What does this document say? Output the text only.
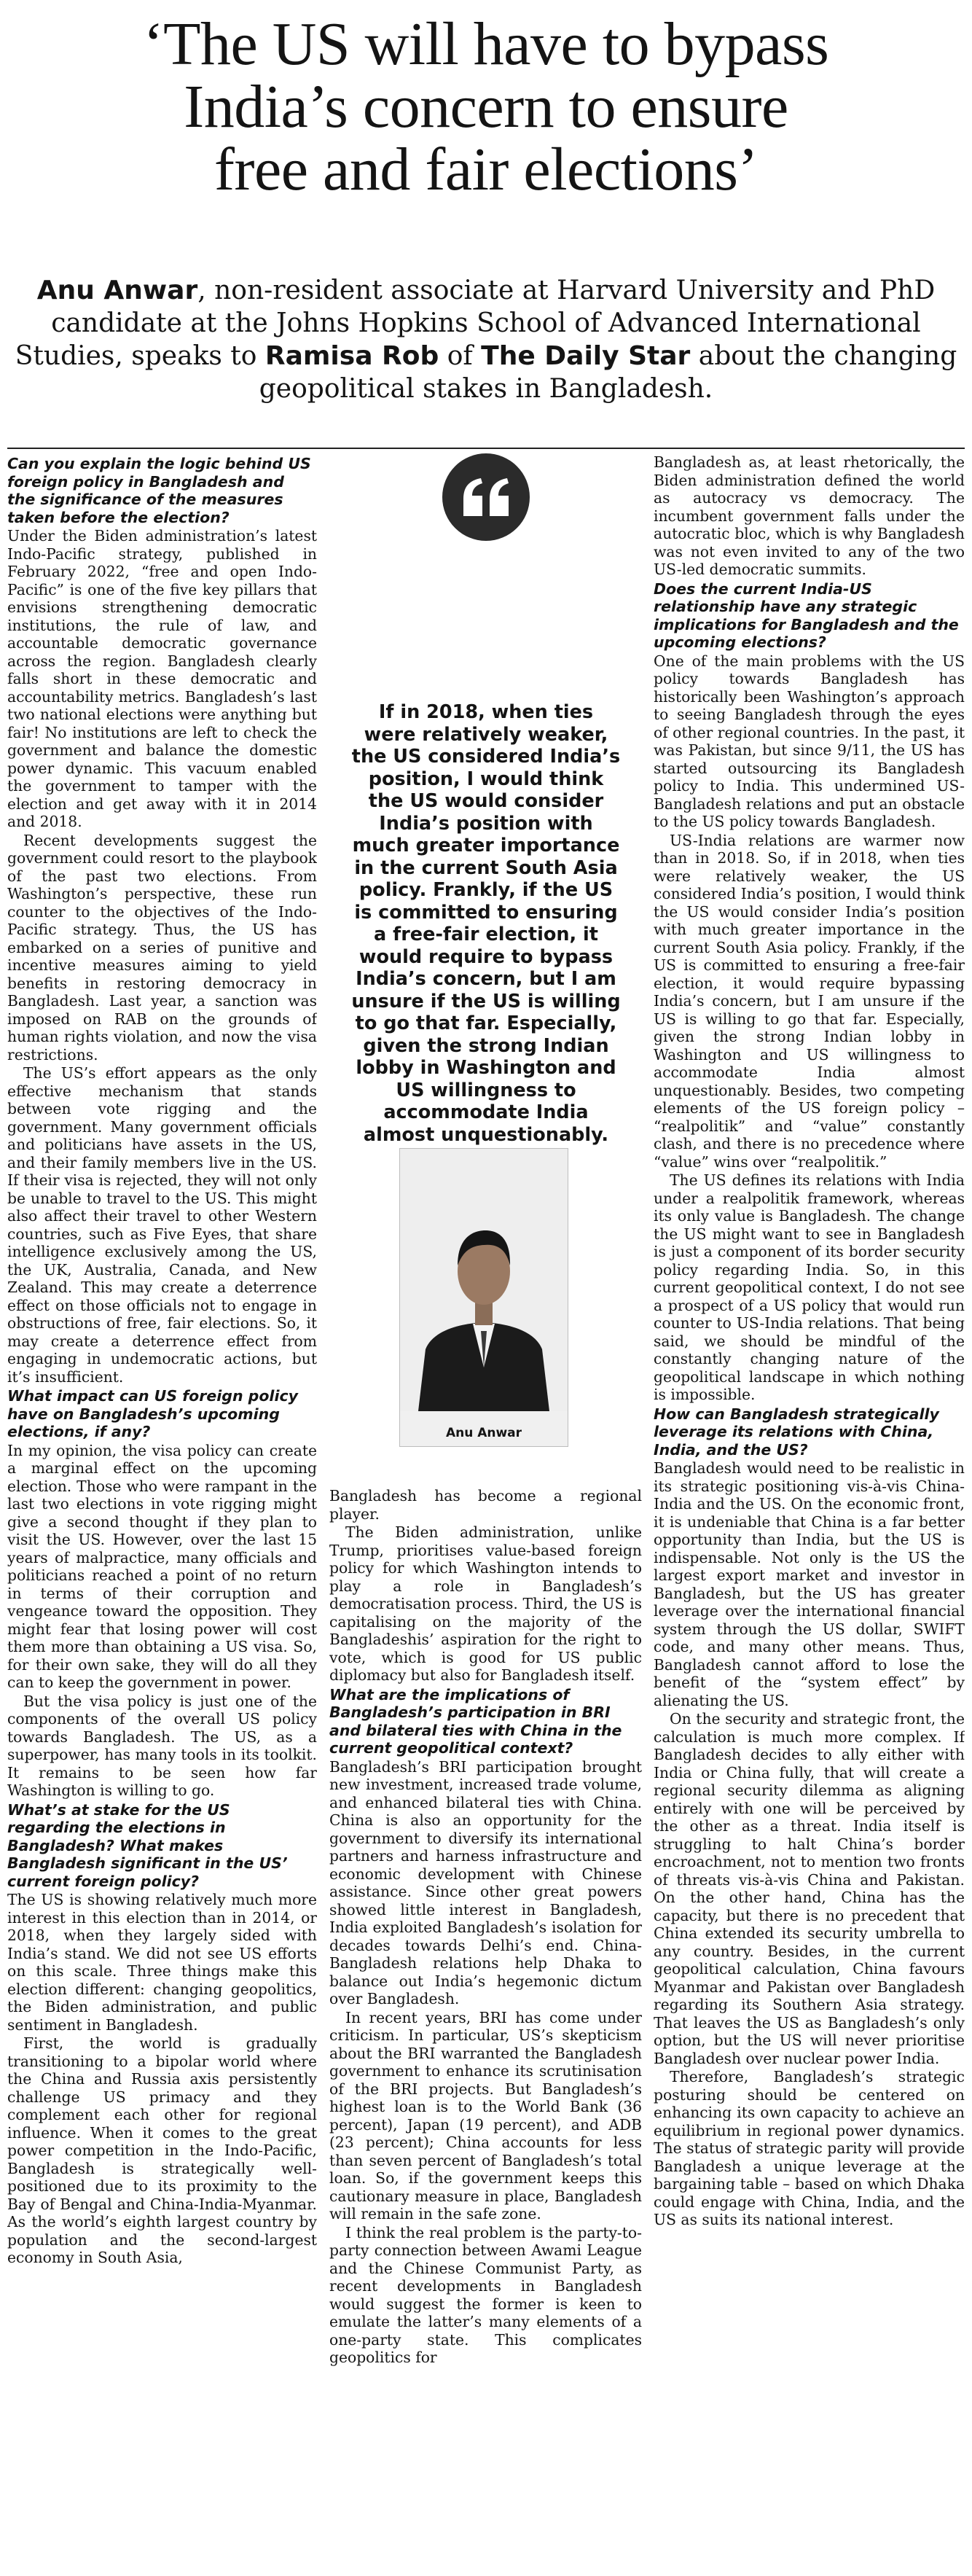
‘The US will have to bypass
India’s concern to ensure
free and fair elections’
Anu Anwar, non-resident associate at Harvard University and PhD candidate at the Johns Hopkins School of Advanced International Studies, speaks to Ramisa Rob of The Daily Star about the changing geopolitical stakes in Bangladesh.
Can you explain the logic behind US foreign policy in Bangladesh and the significance of the measures taken before the election?

Under the Biden administration’s latest Indo-Pacific strategy, published in February 2022, “free and open Indo-Pacific” is one of the five key pillars that envisions strengthening democratic institutions, the rule of law, and accountable democratic governance across the region. Bangladesh clearly falls short in these democratic and accountability metrics. Bangladesh’s last two national elections were anything but fair! No institutions are left to check the government and balance the domestic power dynamic. This vacuum enabled the government to tamper with the election and get away with it in 2014 and 2018.

Recent developments suggest the government could resort to the playbook of the past two elections. From Washington’s perspective, these run counter to the objectives of the Indo-Pacific strategy. Thus, the US has embarked on a series of punitive and incentive measures aiming to yield benefits in restoring democracy in Bangladesh. Last year, a sanction was imposed on RAB on the grounds of human rights violation, and now the visa restrictions.

The US’s effort appears as the only effective mechanism that stands between vote rigging and the government. Many government officials and politicians have assets in the US, and their family members live in the US. If their visa is rejected, they will not only be unable to travel to the US. This might also affect their travel to other Western countries, such as Five Eyes, that share intelligence exclusively among the US, the UK, Australia, Canada, and New Zealand. This may create a deterrence effect on those officials not to engage in obstructions of free, fair elections. So, it may create a deterrence effect from engaging in undemocratic actions, but it’s insufficient.

What impact can US foreign policy have on Bangladesh’s upcoming elections, if any?

In my opinion, the visa policy can create a marginal effect on the upcoming election. Those who were rampant in the last two elections in vote rigging might give a second thought if they plan to visit the US. However, over the last 15 years of malpractice, many officials and politicians reached a point of no return in terms of their corruption and vengeance toward the opposition. They might fear that losing power will cost them more than obtaining a US visa. So, for their own sake, they will do all they can to keep the government in power.

But the visa policy is just one of the components of the overall US policy towards Bangladesh. The US, as a superpower, has many tools in its toolkit. It remains to be seen how far Washington is willing to go.

What’s at stake for the US regarding the elections in Bangladesh? What makes Bangladesh significant in the US’ current foreign policy?

The US is showing relatively much more interest in this election than in 2014, or 2018, when they largely sided with India’s stand. We did not see US efforts on this scale. Three things make this election different: changing geopolitics, the Biden administration, and public sentiment in Bangladesh.

First, the world is gradually transitioning to a bipolar world where the China and Russia axis persistently challenge US primacy and they complement each other for regional influence. When it comes to the great power competition in the Indo-Pacific, Bangladesh is strategically well-positioned due to its proximity to the Bay of Bengal and China-India-Myanmar. As the world’s eighth largest country by population and the second-largest economy in South Asia,

If in 2018, when ties were relatively weaker, the US considered India’s position, I would think the US would consider India’s position with much greater importance in the current South Asia policy. Frankly, if the US is committed to ensuring a free-fair election, it would require to bypass India’s concern, but I am unsure if the US is willing to go that far. Especially, given the strong Indian lobby in Washington and US willingness to accommodate India almost unquestionably.
Anu Anwar

Bangladesh has become a regional player.

The Biden administration, unlike Trump, prioritises value-based foreign policy for which Washington intends to play a role in Bangladesh’s democratisation process. Third, the US is capitalising on the majority of the Bangladeshis’ aspiration for the right to vote, which is good for US public diplomacy but also for Bangladesh itself.

What are the implications of Bangladesh’s participation in BRI and bilateral ties with China in the current geopolitical context?

Bangladesh’s BRI participation brought new investment, increased trade volume, and enhanced bilateral ties with China. China is also an opportunity for the government to diversify its international partners and harness infrastructure and economic development with Chinese assistance. Since other great powers showed little interest in Bangladesh, India exploited Bangladesh’s isolation for decades towards Delhi’s end. China-Bangladesh relations help Dhaka to balance out India’s hegemonic dictum over Bangladesh.

In recent years, BRI has come under criticism. In particular, US’s skepticism about the BRI warranted the Bangladesh government to enhance its scrutinisation of the BRI projects. But Bangladesh’s highest loan is to the World Bank (36 percent), Japan (19 percent), and ADB (23 percent); China accounts for less than seven percent of Bangladesh’s total loan. So, if the government keeps this cautionary measure in place, Bangladesh will remain in the safe zone.

I think the real problem is the party-to-party connection between Awami League and the Chinese Communist Party, as recent developments in Bangladesh would suggest the former is keen to emulate the latter’s many elements of a one-party state. This complicates geopolitics for

Bangladesh as, at least rhetorically, the Biden administration defined the world as autocracy vs democracy. The incumbent government falls under the autocratic bloc, which is why Bangladesh was not even invited to any of the two US-led democratic summits.

Does the current India-US relationship have any strategic implications for Bangladesh and the upcoming elections?

One of the main problems with the US policy towards Bangladesh has historically been Washington’s approach to seeing Bangladesh through the eyes of other regional countries. In the past, it was Pakistan, but since 9/11, the US has started outsourcing its Bangladesh policy to India. This undermined US-Bangladesh relations and put an obstacle to the US policy towards Bangladesh.

US-India relations are warmer now than in 2018. So, if in 2018, when ties were relatively weaker, the US considered India’s position, I would think the US would consider India’s position with much greater importance in the current South Asia policy. Frankly, if the US is committed to ensuring a free-fair election, it would require bypassing India’s concern, but I am unsure if the US is willing to go that far. Especially, given the strong Indian lobby in Washington and US willingness to accommodate India almost unquestionably. Besides, two competing elements of the US foreign policy – “realpolitik” and “value” constantly clash, and there is no precedence where “value” wins over “realpolitik.”

The US defines its relations with India under a realpolitik framework, whereas its only value is Bangladesh. The change the US might want to see in Bangladesh is just a component of its border security policy regarding India. So, in this current geopolitical context, I do not see a prospect of a US policy that would run counter to US-India relations. That being said, we should be mindful of the constantly changing nature of the geopolitical landscape in which nothing is impossible.

How can Bangladesh strategically leverage its relations with China, India, and the US?

Bangladesh would need to be realistic in its strategic positioning vis-à-vis China-India and the US. On the economic front, it is undeniable that China is a far better opportunity than India, but the US is indispensable. Not only is the US the largest export market and investor in Bangladesh, but the US has greater leverage over the international financial system through the US dollar, SWIFT code, and many other means. Thus, Bangladesh cannot afford to lose the benefit of the “system effect” by alienating the US.

On the security and strategic front, the calculation is much more complex. If Bangladesh decides to ally either with India or China fully, that will create a regional security dilemma as aligning entirely with one will be perceived by the other as a threat. India itself is struggling to halt China’s border encroachment, not to mention two fronts of threats vis-à-vis China and Pakistan. On the other hand, China has the capacity, but there is no precedent that China extended its security umbrella to any country. Besides, in the current geopolitical calculation, China favours Myanmar and Pakistan over Bangladesh regarding its Southern Asia strategy. That leaves the US as Bangladesh’s only option, but the US will never prioritise Bangladesh over nuclear power India.

Therefore, Bangladesh’s strategic posturing should be centered on enhancing its own capacity to achieve an equilibrium in regional power dynamics. The status of strategic parity will provide Bangladesh a unique leverage at the bargaining table – based on which Dhaka could engage with China, India, and the US as suits its national interest.
